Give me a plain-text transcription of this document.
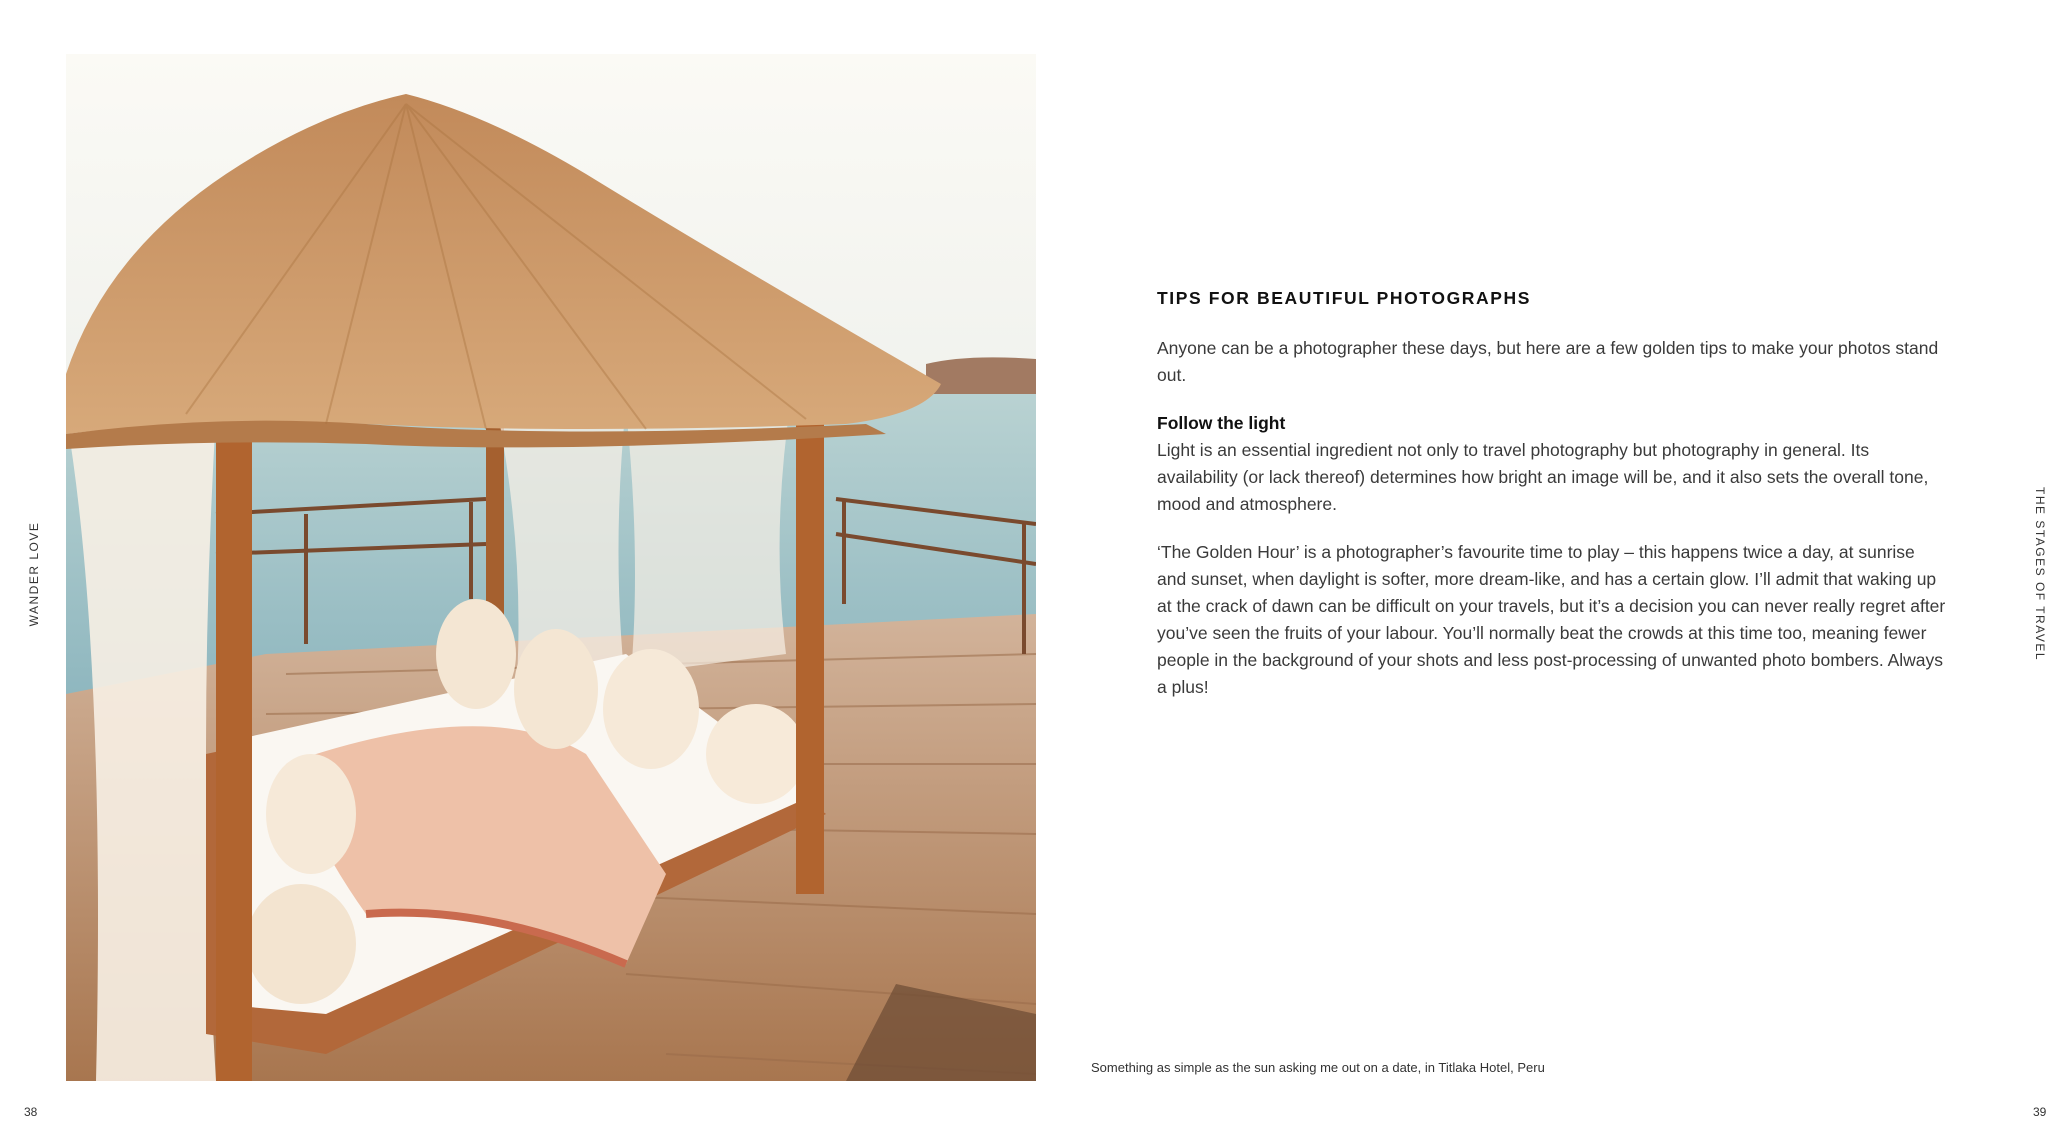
WANDER LOVE	THE STAGES OF TRAVEL
38	39
TIPS FOR BEAUTIFUL PHOTOGRAPHS

Anyone can be a photographer these days, but here are a few golden tips to make your photos stand out.

Follow the light

Light is an essential ingredient not only to travel photography but photography in general. Its availability (or lack thereof) determines how bright an image will be, and it also sets the overall tone, mood and atmosphere.

‘The Golden Hour’ is a photographer’s favourite time to play – this happens twice a day, at sunrise and sunset, when daylight is softer, more dream-like, and has a certain glow. I’ll admit that waking up at the crack of dawn can be difficult on your travels, but it’s a decision you can never really regret after you’ve seen the fruits of your labour. You’ll normally beat the crowds at this time too, meaning fewer people in the background of your shots and less post-processing of unwanted photo bombers. Always a plus!

Something as simple as the sun asking me out on a date, in Titlaka Hotel, Peru
